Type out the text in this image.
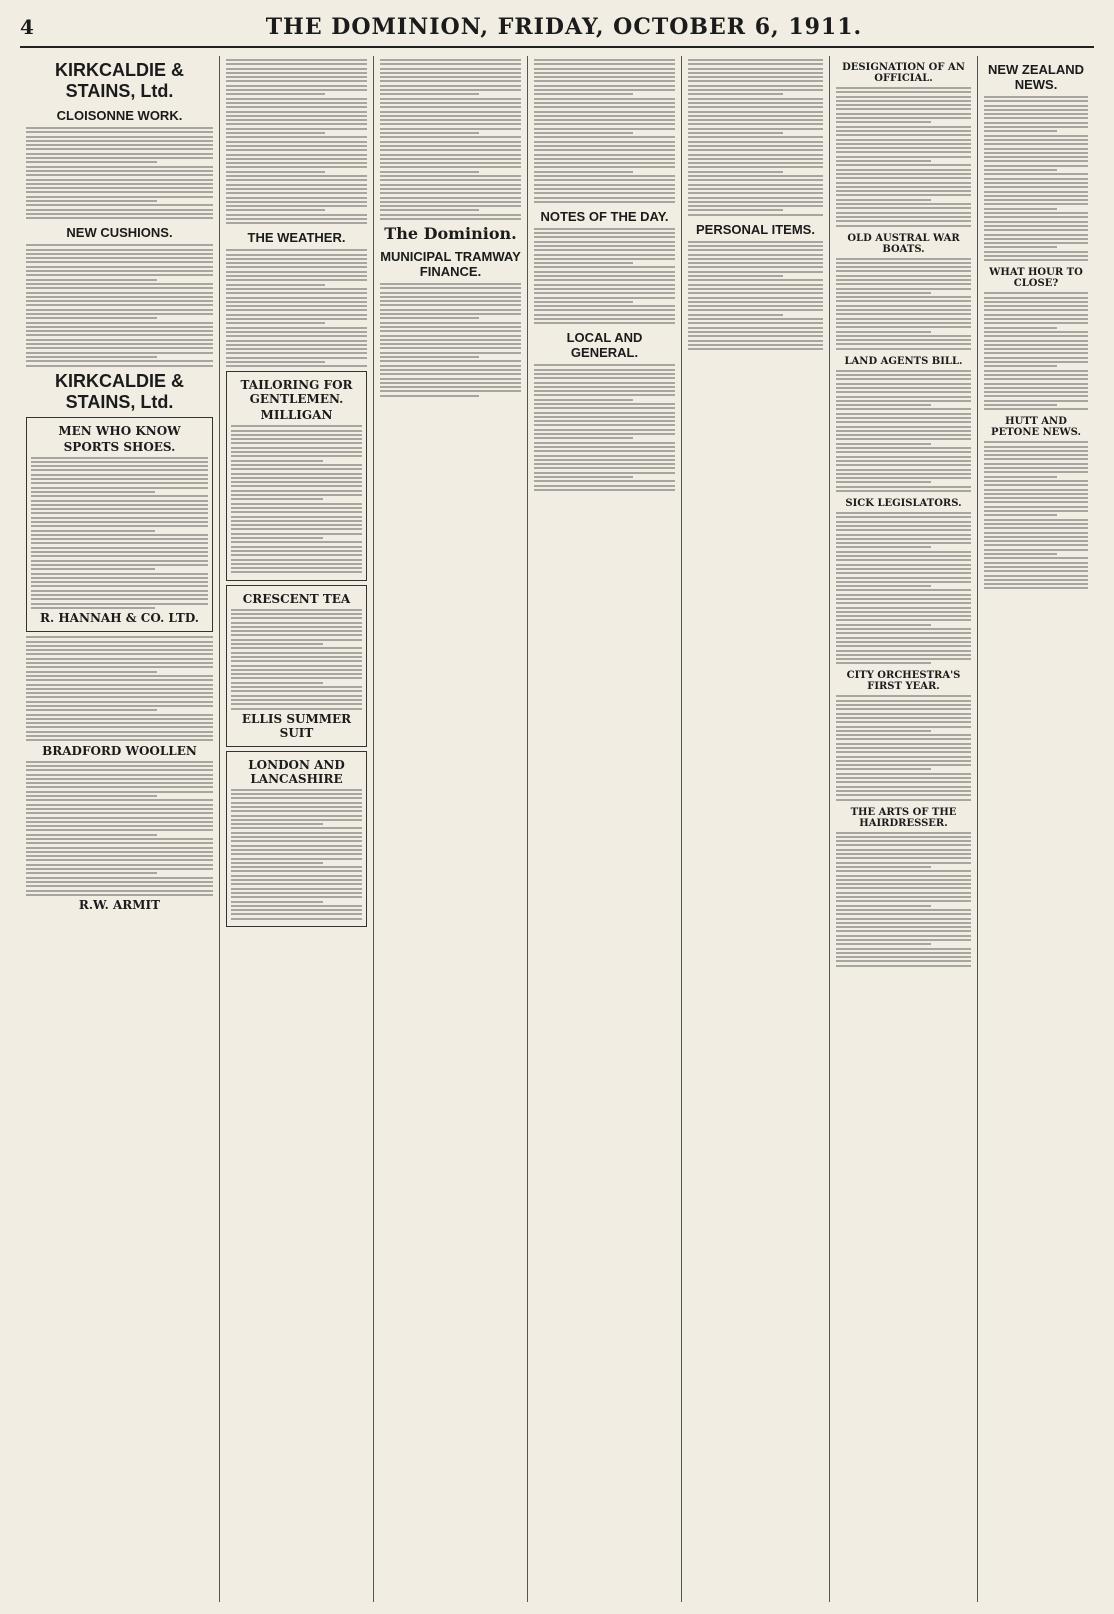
4	THE DOMINION, FRIDAY, OCTOBER 6, 1911.
KIRKCALDIE & STAINS, Ltd.
CLOISONNE WORK.
NEW CUSHIONS.
KIRKCALDIE & STAINS, Ltd.
MEN WHO KNOW
SPORTS SHOES.
R. HANNAH & CO. LTD.
BRADFORD WOOLLEN
R.W. ARMIT
THE WEATHER.
TAILORING FOR GENTLEMEN.
MILLIGAN
CRESCENT TEA
ELLIS SUMMER SUIT
LONDON AND LANCASHIRE
The Dominion.
MUNICIPAL TRAMWAY FINANCE.
NOTES OF THE DAY.
LOCAL AND GENERAL.
PERSONAL ITEMS.
DESIGNATION OF AN OFFICIAL.
OLD AUSTRAL WAR BOATS.
LAND AGENTS BILL.
SICK LEGISLATORS.
CITY ORCHESTRA'S FIRST YEAR.
THE ARTS OF THE HAIRDRESSER.
NEW ZEALAND NEWS.
WHAT HOUR TO CLOSE?
HUTT AND PETONE NEWS.
